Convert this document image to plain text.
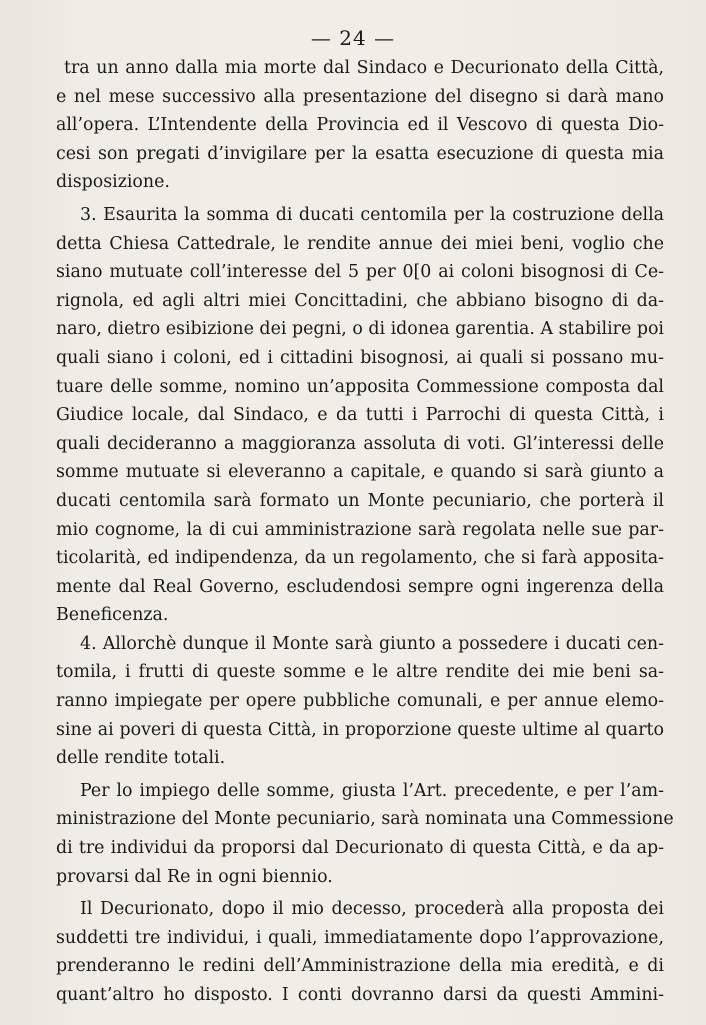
— 24 —
tra un anno dalla mia morte dal Sindaco e Decurionato della Città,
e nel mese successivo alla presentazione del disegno si darà mano
all’opera. L’Intendente della Provincia ed il Vescovo di questa Dio-
cesi son pregati d’invigilare per la esatta esecuzione di questa mia
disposizione.
3. Esaurita la somma di ducati centomila per la costruzione della
detta Chiesa Cattedrale, le rendite annue dei miei beni, voglio che
siano mutuate coll’interesse del 5 per 0[0 ai coloni bisognosi di Ce-
rignola, ed agli altri miei Concittadini, che abbiano bisogno di da-
naro, dietro esibizione dei pegni, o di idonea garentia. A stabilire poi
quali siano i coloni, ed i cittadini bisognosi, ai quali si possano mu-
tuare delle somme, nomino un’apposita Commessione composta dal
Giudice locale, dal Sindaco, e da tutti i Parrochi di questa Città, i
quali decideranno a maggioranza assoluta di voti. Gl’interessi delle
somme mutuate si eleveranno a capitale, e quando si sarà giunto a
ducati centomila sarà formato un Monte pecuniario, che porterà il
mio cognome, la di cui amministrazione sarà regolata nelle sue par-
ticolarità, ed indipendenza, da un regolamento, che si farà apposita-
mente dal Real Governo, escludendosi sempre ogni ingerenza della
Beneficenza.
4. Allorchè dunque il Monte sarà giunto a possedere i ducati cen-
tomila, i frutti di queste somme e le altre rendite dei mie beni sa-
ranno impiegate per opere pubbliche comunali, e per annue elemo-
sine ai poveri di questa Città, in proporzione queste ultime al quarto
delle rendite totali.
Per lo impiego delle somme, giusta l’Art. precedente, e per l’am-
ministrazione del Monte pecuniario, sarà nominata una Commessione
di tre individui da proporsi dal Decurionato di questa Città, e da ap-
provarsi dal Re in ogni biennio.
Il Decurionato, dopo il mio decesso, procederà alla proposta dei
suddetti tre individui, i quali, immediatamente dopo l’approvazione,
prenderanno le redini dell’Amministrazione della mia eredità, e di
quant’altro ho disposto. I conti dovranno darsi da questi Ammini-
